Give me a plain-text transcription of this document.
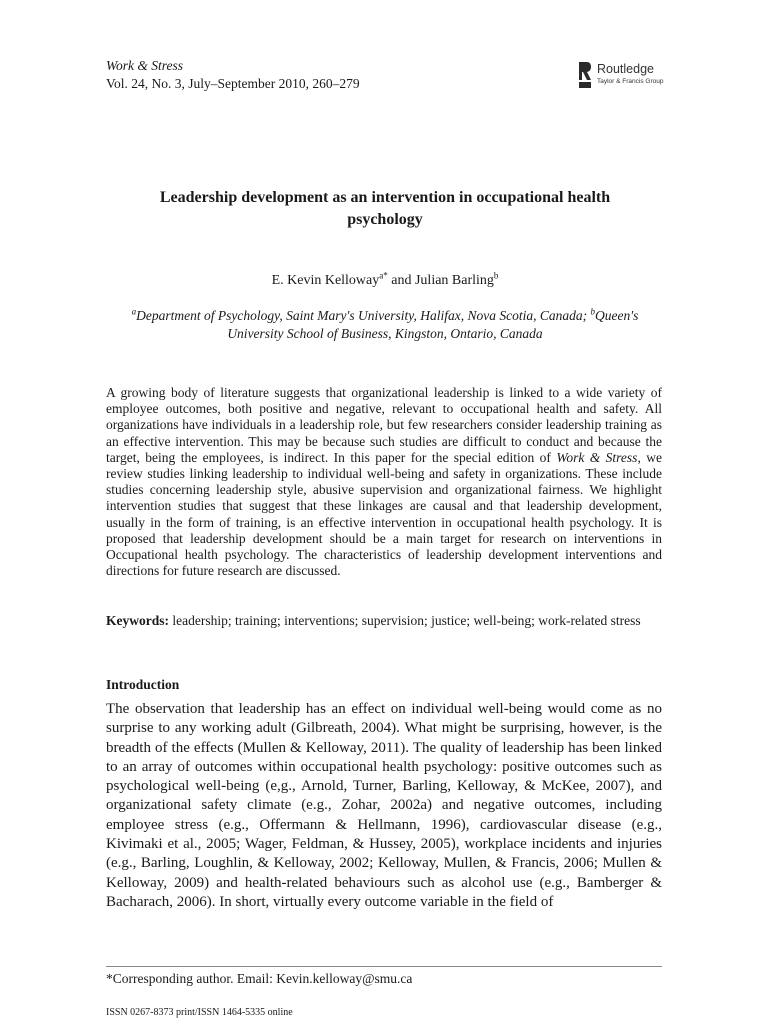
Work & Stress
Vol. 24, No. 3, July–September 2010, 260–279
Routledge
Taylor & Francis Group
Leadership development as an intervention in occupational health
psychology
E. Kevin Kelloway$^{a*}$ and Julian Barling$^b$
$^a$Department of Psychology, Saint Mary's University, Halifax, Nova Scotia, Canada; $^b$Queen's University School of Business, Kingston, Ontario, Canada
A growing body of literature suggests that organizational leadership is linked to a wide variety of employee outcomes, both positive and negative, relevant to occupational health and safety. All organizations have individuals in a leadership role, but few researchers consider leadership training as an effective intervention. This may be because such studies are difficult to conduct and because the target, being the employees, is indirect. In this paper for the special edition of Work & Stress, we review studies linking leadership to individual well-being and safety in organizations. These include studies concerning leadership style, abusive supervision and organizational fairness. We highlight intervention studies that suggest that these linkages are causal and that leadership development, usually in the form of training, is an effective intervention in occupational health psychology. It is proposed that leadership development should be a main target for research on interventions in Occupational health psychology. The characteristics of leadership development interventions and directions for future research are discussed.
Keywords: leadership; training; interventions; supervision; justice; well-being; work-related stress
Introduction
The observation that leadership has an effect on individual well-being would come as no surprise to any working adult (Gilbreath, 2004). What might be surprising, however, is the breadth of the effects (Mullen & Kelloway, 2011). The quality of leadership has been linked to an array of outcomes within occupational health psychology: positive outcomes such as psychological well-being (e,g., Arnold, Turner, Barling, Kelloway, & McKee, 2007), and organizational safety climate (e.g., Zohar, 2002a) and negative outcomes, including employee stress (e.g., Offermann & Hellmann, 1996), cardiovascular disease (e.g., Kivimaki et al., 2005; Wager, Feldman, & Hussey, 2005), workplace incidents and injuries (e.g., Barling, Loughlin, & Kelloway, 2002; Kelloway, Mullen, & Francis, 2006; Mullen & Kelloway, 2009) and health-related behaviours such as alcohol use (e.g., Bamberger & Bacharach, 2006). In short, virtually every outcome variable in the field of
*Corresponding author. Email: Kevin.kelloway@smu.ca
ISSN 0267-8373 print/ISSN 1464-5335 online
